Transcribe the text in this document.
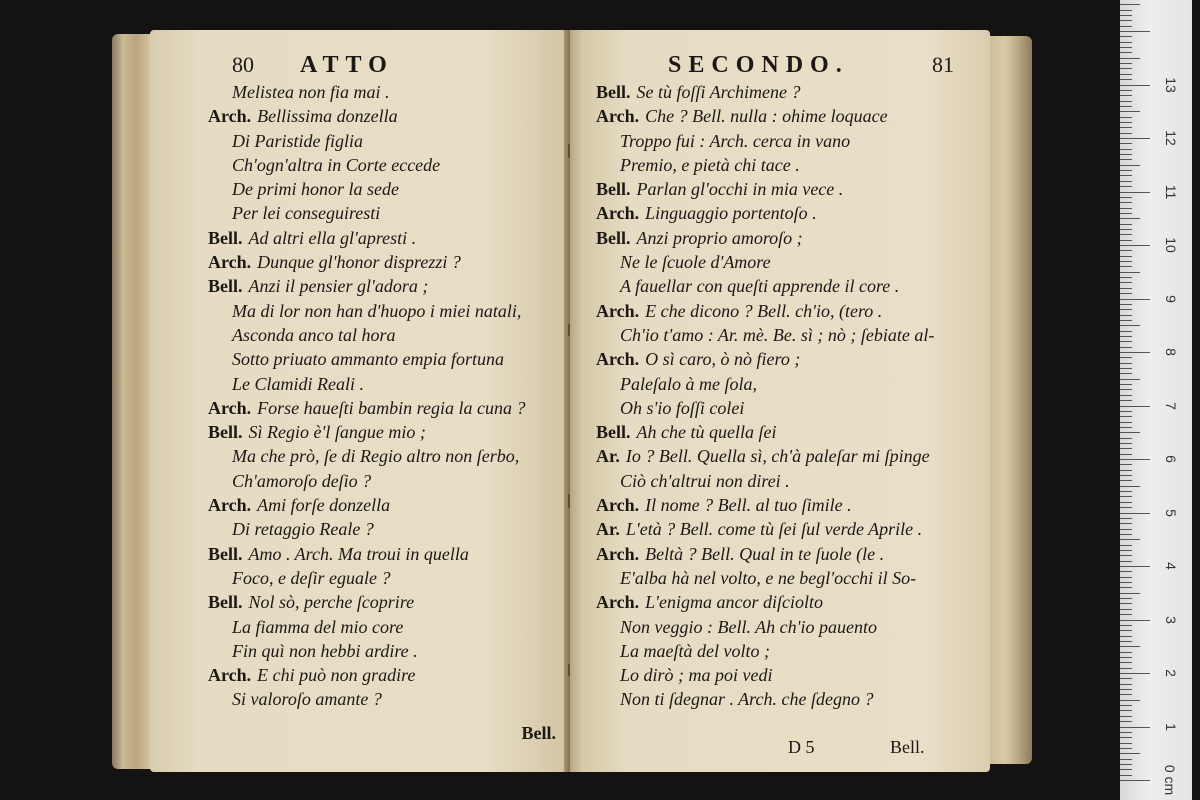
80 ATTO
Melistea non fia mai .
Arch. Bellissima donzella
Di Paristide figlia
Ch'ogn'altra in Corte eccede
De primi honor la sede
Per lei conseguiresti
Bell. Ad altri ella gl'apresti .
Arch. Dunque gl'honor disprezzi ?
Bell. Anzi il pensier gl'adora ;
Ma di lor non han d'huopo i miei natali,
Asconda anco tal hora
Sotto priuato ammanto empia fortuna
Le Clamidi Reali .
Arch. Forse haueſti bambin regia la cuna ?
Bell. Sì Regio è'l ſangue mio ;
Ma che prò, ſe di Regio altro non ſerbo,
Ch'amoroſo deſio ?
Arch. Ami forſe donzella
Di retaggio Reale ?
Bell. Amo . Arch. Ma troui in quella
Foco, e deſir eguale ?
Bell. Nol sò, perche ſcoprire
La fiamma del mio core
Fin quì non hebbi ardire .
Arch. E chi può non gradire
Si valoroſo amante ?
Bell.
SECONDO.	81
Bell. Se tù foſſi Archimene ?
Arch. Che ? Bell. nulla : ohime loquace
Troppo fui : Arch. cerca in vano
Premio, e pietà chi tace .
Bell. Parlan gl'occhi in mia vece .
Arch. Linguaggio portentoſo .
Bell. Anzi proprio amoroſo ;
Ne le ſcuole d'Amore
A fauellar con queſti apprende il core .
Arch. E che dicono ? Bell. ch'io, (tero .
Ch'io t'amo : Ar. mè. Be. sì ; nò ; ſebiate al-
Arch. O sì caro, ò nò fiero ;
Paleſalo à me ſola,
Oh s'io foſſi colei
Bell. Ah che tù quella ſei
Ar. Io ? Bell. Quella sì, ch'à paleſar mi ſpinge
Ciò ch'altrui non direi .
Arch. Il nome ? Bell. al tuo ſimile .
Ar. L'età ? Bell. come tù ſei ſul verde Aprile .
Arch. Beltà ? Bell. Qual in te ſuole (le .
E'alba hà nel volto, e ne begl'occhi il So-
Arch. L'enigma ancor diſciolto
Non veggio : Bell. Ah ch'io pauento
La maeſtà del volto ;
Lo dirò ; ma poi vedi
Non ti ſdegnar . Arch. che ſdegno ?
D 5	Bell.
0 cm
1
2
3
4
5
6
7
8
9
10
11
12
13
